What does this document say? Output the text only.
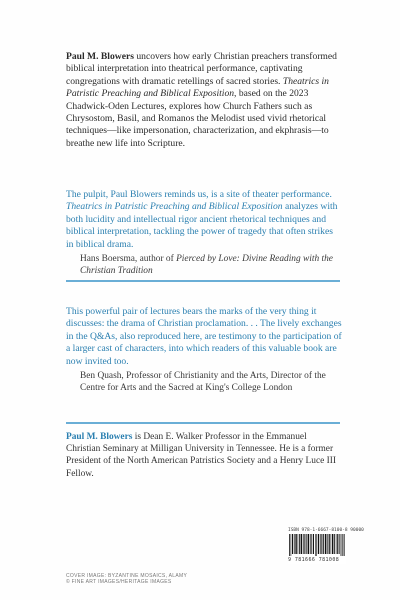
Paul M. Blowers uncovers how early Christian preachers transformed biblical interpretation into theatrical performance, captivating congregations with dramatic retellings of sacred stories. Theatrics in Patristic Preaching and Biblical Exposition, based on the 2023 Chadwick-Oden Lectures, explores how Church Fathers such as Chrysostom, Basil, and Romanos the Melodist used vivid rhetorical techniques—like impersonation, characterization, and ekphrasis—to breathe new life into Scripture.
The pulpit, Paul Blowers reminds us, is a site of theater performance. Theatrics in Patristic Preaching and Biblical Exposition analyzes with both lucidity and intellectual rigor ancient rhetorical techniques and biblical interpretation, tackling the power of tragedy that often strikes in biblical drama.
Hans Boersma, author of Pierced by Love: Divine Reading with the Christian Tradition
This powerful pair of lectures bears the marks of the very thing it discusses: the drama of Christian proclamation. . . The lively exchanges in the Q&As, also reproduced here, are testimony to the participation of a larger cast of characters, into which readers of this valuable book are now invited too.
Ben Quash, Professor of Christianity and the Arts, Director of the Centre for Arts and the Sacred at King's College London
Paul M. Blowers is Dean E. Walker Professor in the Emmanuel Christian Seminary at Milligan University in Tennessee. He is a former President of the North American Patristics Society and a Henry Luce III Fellow.
ISBN 978-1-6667-8100-8 90000
9 781666 781008
COVER IMAGE: BYZANTINE MOSAICS, ALAMY
© FINE ART IMAGES/HERITAGE IMAGES
